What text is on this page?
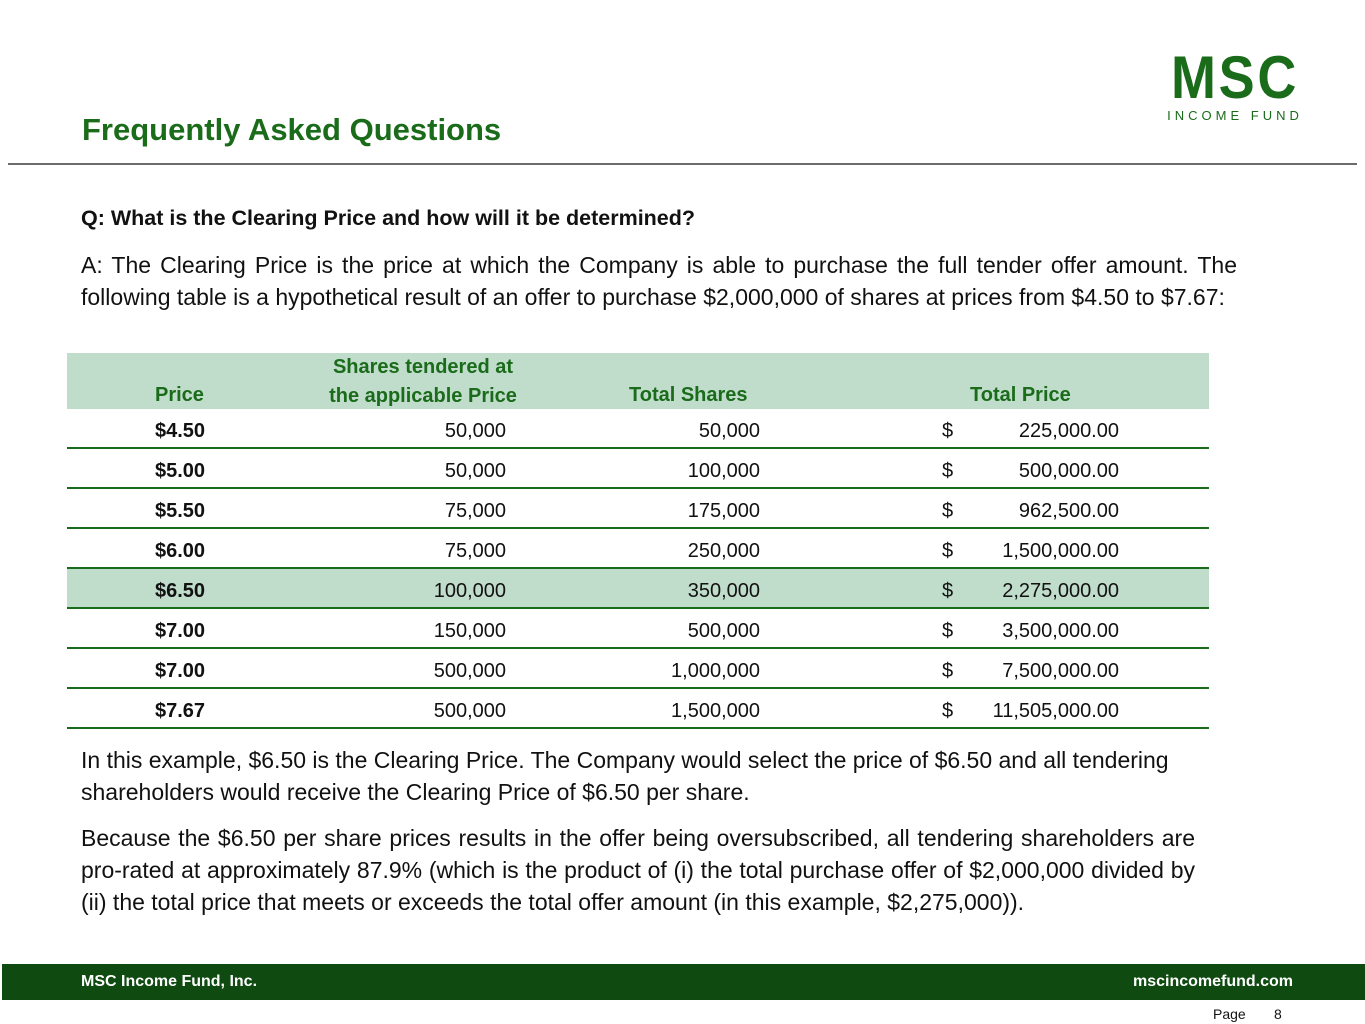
MSC
INCOME FUND
Frequently Asked Questions
Q: What is the Clearing Price and how will it be determined?
A: The Clearing Price is the price at which the Company is able to purchase the full tender offer amount. The following table is a hypothetical result of an offer to purchase $2,000,000 of shares at prices from $4.50 to $7.67:
Price
Shares tendered at
the applicable Price	Total Shares	Total Price
$4.50	50,000	50,000	$	225,000.00
$5.00	50,000	100,000	$	500,000.00
$5.50	75,000	175,000	$	962,500.00
$6.00	75,000	250,000	$ 1,500,000.00
$6.50	100,000	350,000	$ 2,275,000.00
$7.00	150,000	500,000	$ 3,500,000.00
$7.00	500,000	1,000,000	$ 7,500,000.00
$7.67	500,000	1,500,000	$ 11,505,000.00
In this example, $6.50 is the Clearing Price. The Company would select the price of $6.50 and all tendering shareholders would receive the Clearing Price of $6.50 per share.
Because the $6.50 per share prices results in the offer being oversubscribed, all tendering shareholders are pro-rated at approximately 87.9% (which is the product of (i) the total purchase offer of $2,000,000 divided by (ii) the total price that meets or exceeds the total offer amount (in this example, $2,275,000)).
MSC Income Fund, Inc.	mscincomefund.com
Page 8
